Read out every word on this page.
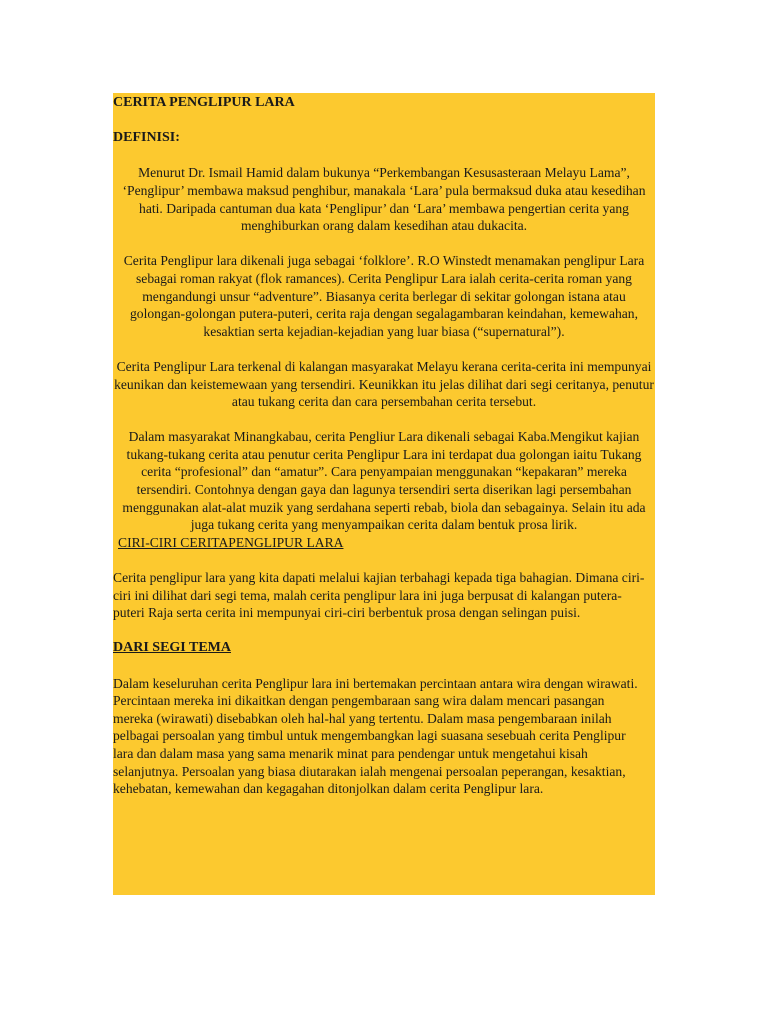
CERITA PENGLIPUR LARA

DEFINISI:

Menurut Dr. Ismail Hamid dalam bukunya “Perkembangan Kesusasteraan Melayu Lama”, ‘Penglipur’ membawa maksud penghibur, manakala ‘Lara’ pula bermaksud duka atau kesedihan hati. Daripada cantuman dua kata ‘Penglipur’ dan ‘Lara’ membawa pengertian cerita yang menghiburkan orang dalam kesedihan atau dukacita.

Cerita Penglipur lara dikenali juga sebagai ‘folklore’. R.O Winstedt menamakan penglipur Lara sebagai roman rakyat (flok ramances). Cerita Penglipur Lara ialah cerita-cerita roman yang mengandungi unsur “adventure”. Biasanya cerita berlegar di sekitar golongan istana atau golongan-golongan putera-puteri, cerita raja dengan segalagambaran keindahan, kemewahan, kesaktian serta kejadian-kejadian yang luar biasa (“supernatural”).

Cerita Penglipur Lara terkenal di kalangan masyarakat Melayu kerana cerita-cerita ini mempunyai keunikan dan keistemewaan yang tersendiri. Keunikkan itu jelas dilihat dari segi ceritanya, penutur atau tukang cerita dan cara persembahan cerita tersebut.

Dalam masyarakat Minangkabau, cerita Pengliur Lara dikenali sebagai Kaba.Mengikut kajian tukang-tukang cerita atau penutur cerita Penglipur Lara ini terdapat dua golongan iaitu Tukang cerita “profesional” dan “amatur”. Cara penyampaian menggunakan “kepakaran” mereka tersendiri. Contohnya dengan gaya dan lagunya tersendiri serta diserikan lagi persembahan menggunakan alat-alat muzik yang serdahana seperti rebab, biola dan sebagainya. Selain itu ada juga tukang cerita yang menyampaikan cerita dalam bentuk prosa lirik.

CIRI-CIRI CERITAPENGLIPUR LARA

Cerita penglipur lara yang kita dapati melalui kajian terbahagi kepada tiga bahagian. Dimana ciri-ciri ini dilihat dari segi tema, malah cerita penglipur lara ini juga berpusat di kalangan putera-puteri Raja serta cerita ini mempunyai ciri-ciri berbentuk prosa dengan selingan puisi.

DARI SEGI TEMA

Dalam keseluruhan cerita Penglipur lara ini bertemakan percintaan antara wira dengan wirawati. Percintaan mereka ini dikaitkan dengan pengembaraan sang wira dalam mencari pasangan mereka (wirawati) disebabkan oleh hal-hal yang tertentu. Dalam masa pengembaraan inilah pelbagai persoalan yang timbul untuk mengembangkan lagi suasana sesebuah cerita Penglipur lara dan dalam masa yang sama menarik minat para pendengar untuk mengetahui kisah selanjutnya. Persoalan yang biasa diutarakan ialah mengenai persoalan peperangan, kesaktian, kehebatan, kemewahan dan kegagahan ditonjolkan dalam cerita Penglipur lara.
